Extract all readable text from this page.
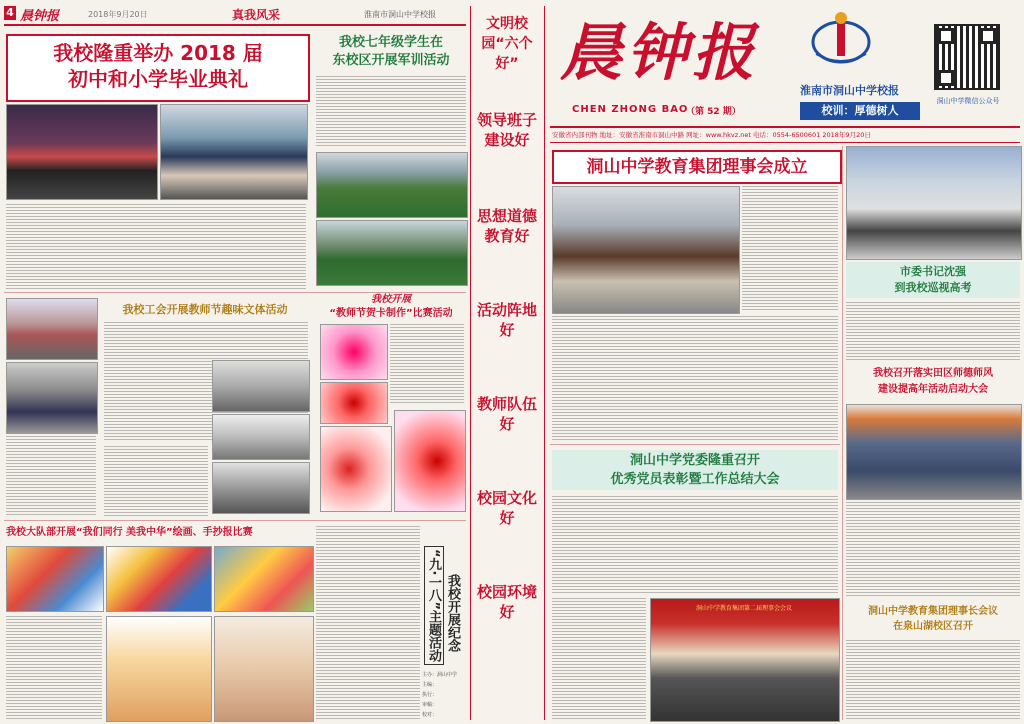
4 晨钟报	2018年9月20日	真我风采	淮南市洞山中学校报
我校隆重举办 2018 届
初中和小学毕业典礼
我校七年级学生在
东校区开展军训活动
我校工会开展教师节趣味文体活动
我校开展
“教师节贺卡制作”比赛活动
我校大队部开展“我们同行 美我中华”绘画、手抄报比赛
我校开展纪念
“九·一八”主题活动
主办：洞山中学
主编：
执行：
审稿：
校对：
文明校园“六个好”
领导班子建设好
思想道德教育好
活动阵地好
教师队伍好
校园文化好
校园环境好
晨钟报
CHEN ZHONG BAO
（第 52 期）
淮南市洞山中学校报
校训：厚德树人
洞山中学微信公众号
安徽省内部刊物 地址：安徽省淮南市洞山中路 网址：www.hkvz.net 电话：0554-6500601 2018年9月20日
洞山中学教育集团理事会成立
市委书记沈强
到我校巡视高考
我校召开落实田区师德师风
建设提高年活动启动大会
洞山中学教育集团理事长会议
在泉山湖校区召开
洞山中学党委隆重召开
优秀党员表彰暨工作总结大会
洞山中学教育集团第二届理事会会议
